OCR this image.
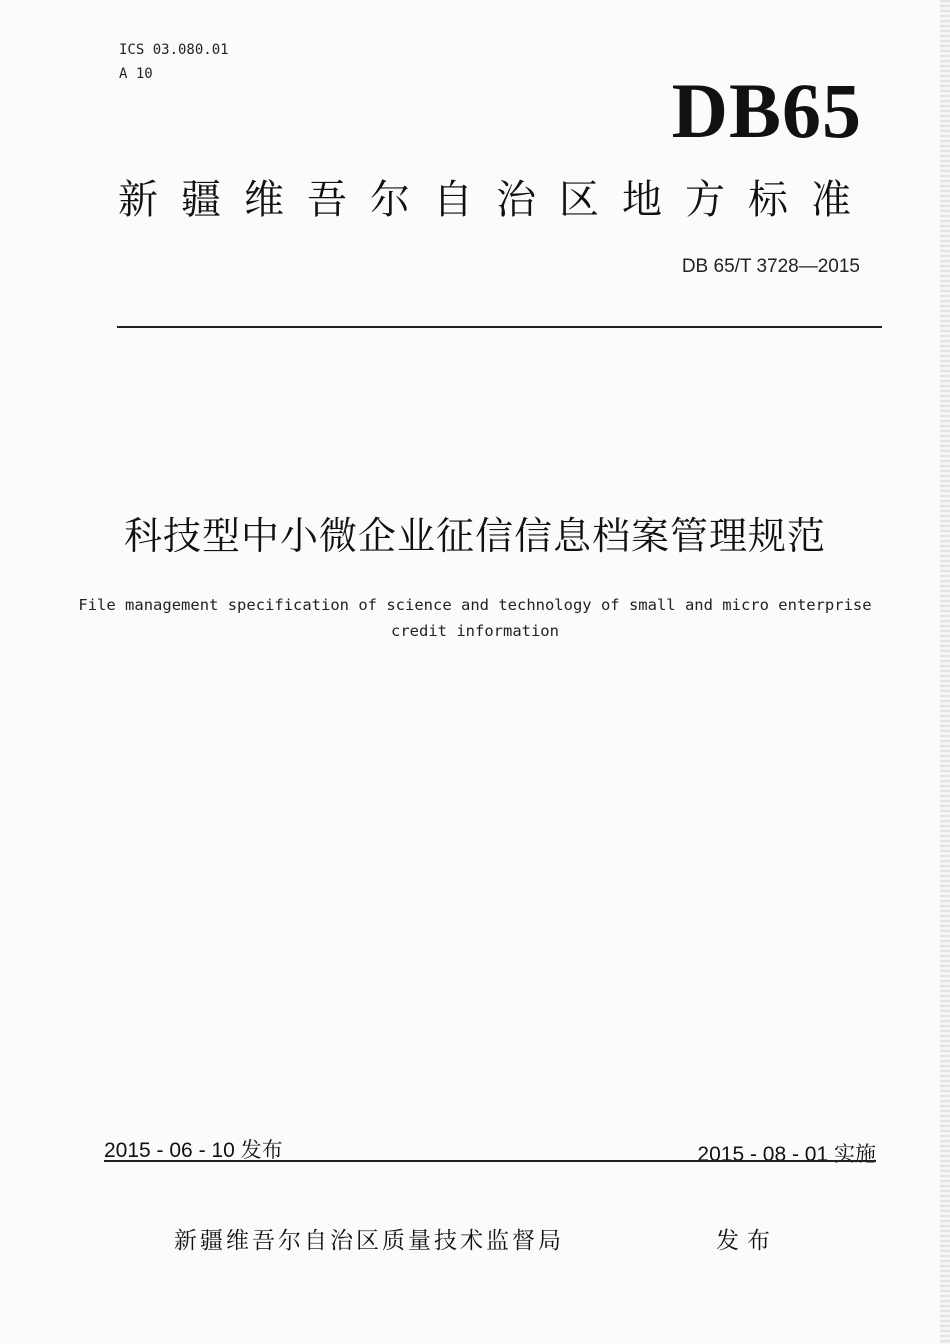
ICS 03.080.01
A 10	DB65
新疆维吾尔自治区地方标准
DB 65/T 3728—2015
科技型中小微企业征信信息档案管理规范
File management specification of science and technology of small and micro enterprise
credit information
2015 - 06 - 10 发布	2015 - 08 - 01 实施
新疆维吾尔自治区质量技术监督局	发布
